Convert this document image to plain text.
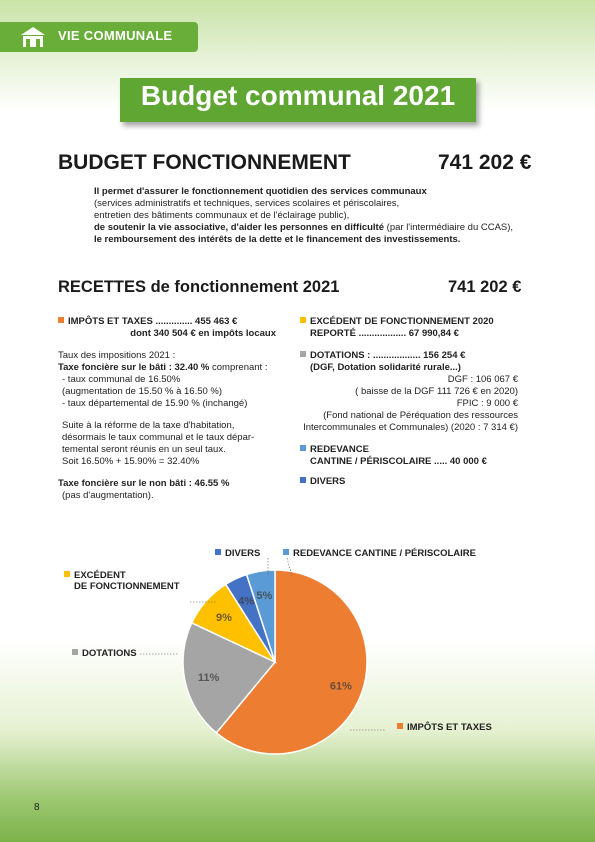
VIE COMMUNALE
Budget communal 2021
BUDGET FONCTIONNEMENT	741 202 €
Il permet d'assurer le fonctionnement quotidien des services communaux
(services administratifs et techniques, services scolaires et périscolaires,
entretien des bâtiments communaux et de l'éclairage public),
de soutenir la vie associative, d'aider les personnes en difficulté (par l'intermédiaire du CCAS),
le remboursement des intérêts de la dette et le financement des investissements.
RECETTES de fonctionnement 2021	741 202 €
IMPÔTS ET TAXES .............. 455 463 €
dont 340 504 € en impôts locaux
Taux des impositions 2021 :
Taxe foncière sur le bâti : 32.40 % comprenant :
- taux communal de 16.50%
(augmentation de 15.50 % à 16.50 %)
- taux départemental de 15.90 % (inchangé)
Suite à la réforme de la taxe d'habitation,
désormais le taux communal et le taux dépar-
temental seront réunis en un seul taux.
Soit 16.50% + 15.90% = 32.40%
Taxe foncière sur le non bâti : 46.55 %
(pas d'augmentation).
EXCÉDENT DE FONCTIONNEMENT 2020
REPORTÉ .................. 67 990,84 €
DOTATIONS : .................. 156 254 €
(DGF, Dotation solidarité rurale...)
DGF : 106 067 €
( baisse de la DGF 111 726 € en 2020)
FPIC : 9 000 €
(Fond national de Péréquation des ressources
Intercommunales et Communales) (2020 : 7 314 €)
REDEVANCE
CANTINE / PÉRISCOLAIRE ..... 40 000 €
DIVERS
61%
11%
9%
4% 5%
DIVERS	REDEVANCE CANTINE / PÉRISCOLAIRE
EXCÉDENT
DE FONCTIONNEMENT
DOTATIONS
IMPÔTS ET TAXES
8
